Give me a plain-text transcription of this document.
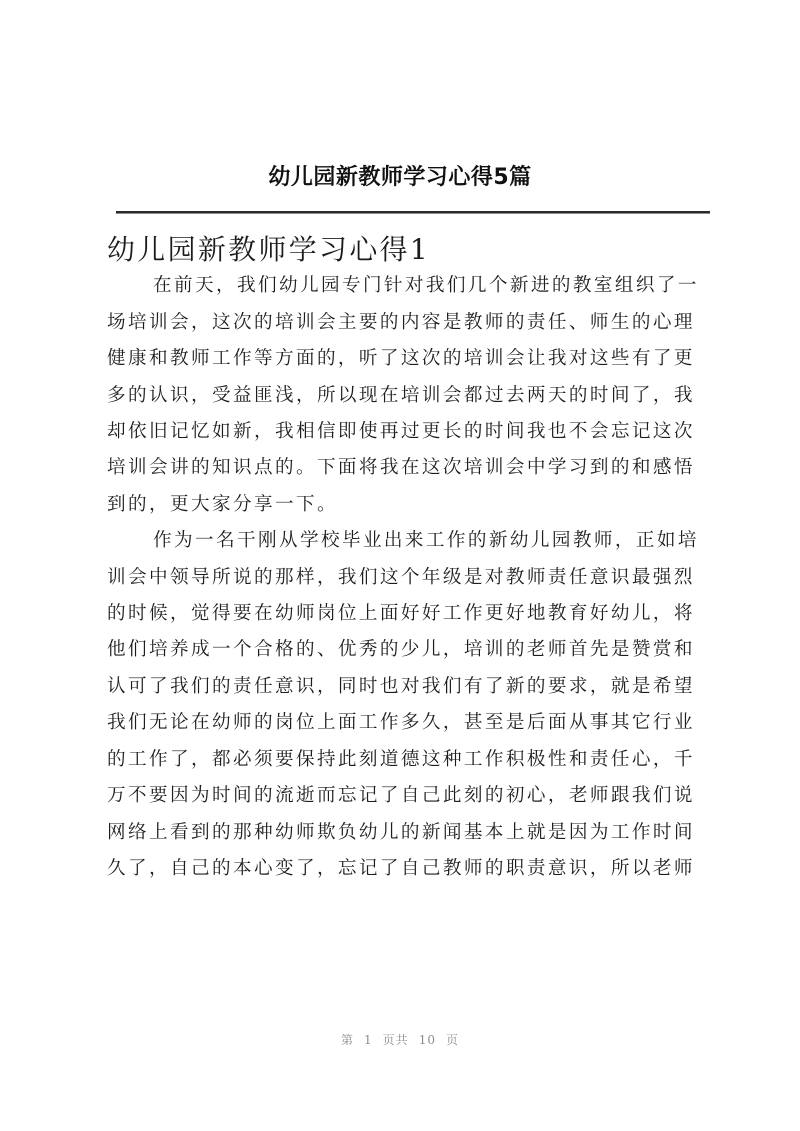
幼儿园新教师学习心得5篇
幼儿园新教师学习心得1
在前天，我们幼儿园专门针对我们几个新进的教室组织了一
场培训会，这次的培训会主要的内容是教师的责任、师生的心理
健康和教师工作等方面的，听了这次的培训会让我对这些有了更
多的认识，受益匪浅，所以现在培训会都过去两天的时间了，我
却依旧记忆如新，我相信即使再过更长的时间我也不会忘记这次
培训会讲的知识点的。下面将我在这次培训会中学习到的和感悟
到的，更大家分享一下。
作为一名干刚从学校毕业出来工作的新幼儿园教师，正如培
训会中领导所说的那样，我们这个年级是对教师责任意识最强烈
的时候，觉得要在幼师岗位上面好好工作更好地教育好幼儿，将
他们培养成一个合格的、优秀的少儿，培训的老师首先是赞赏和
认可了我们的责任意识，同时也对我们有了新的要求，就是希望
我们无论在幼师的岗位上面工作多久，甚至是后面从事其它行业
的工作了，都必须要保持此刻道德这种工作积极性和责任心，千
万不要因为时间的流逝而忘记了自己此刻的初心，老师跟我们说
网络上看到的那种幼师欺负幼儿的新闻基本上就是因为工作时间
久了，自己的本心变了，忘记了自己教师的职责意识，所以老师
第 1 页共 10 页
